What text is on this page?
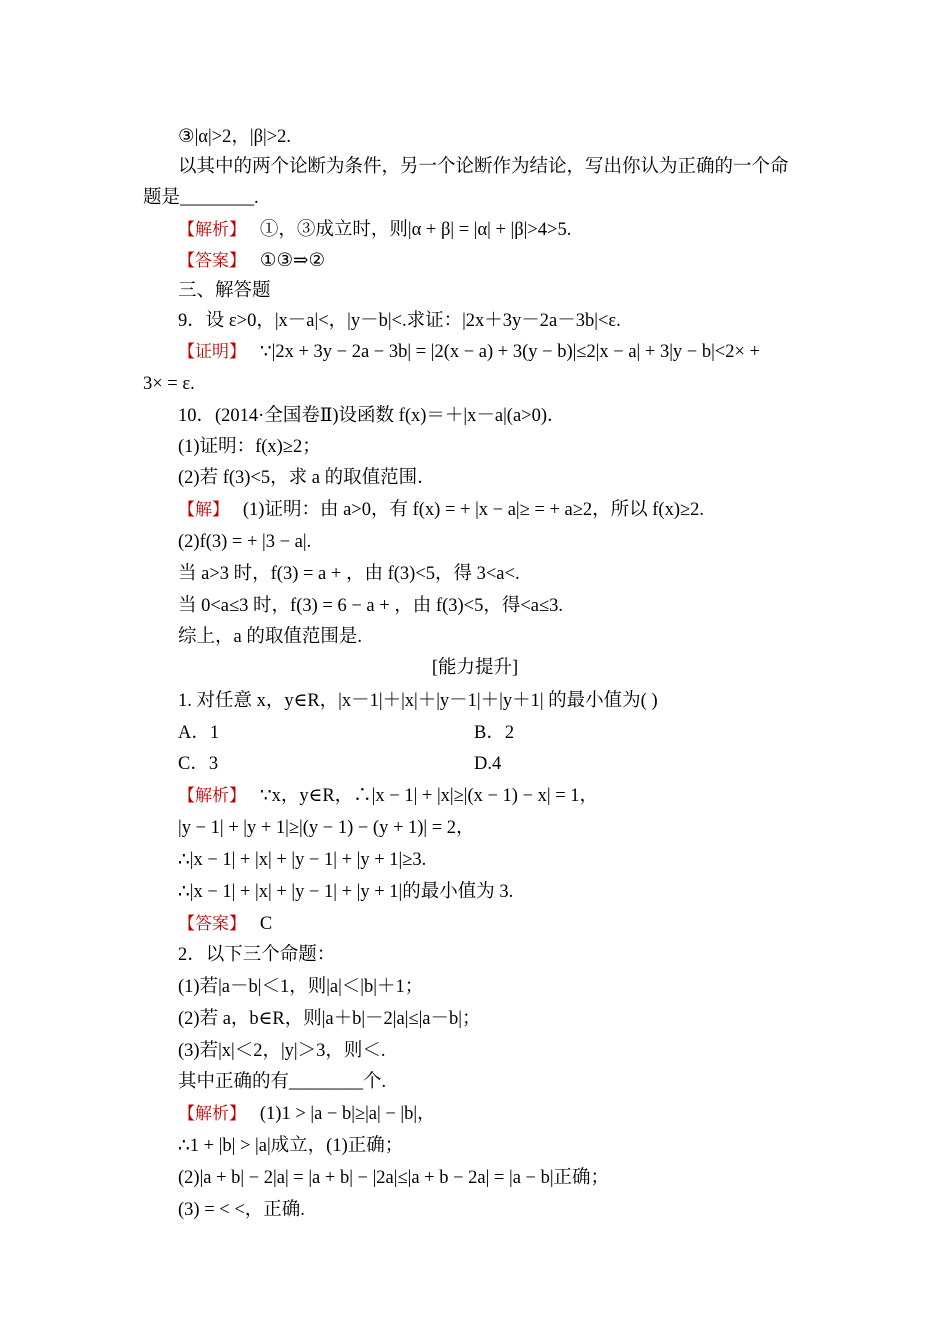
③|α|>2，|β|>2.
以其中的两个论断为条件，另一个论断作为结论，写出你认为正确的一个命
题是________.
【解析】 ①，③成立时，则|α + β| = |α| + |β|>4>5.
【答案】 ①③⇒②
三、解答题
9．设 ε>0，|x－a|<，|y－b|<.求证：|2x＋3y－2a－3b|<ε.
【证明】 ∵|2x + 3y − 2a − 3b| = |2(x − a) + 3(y − b)|≤2|x − a| + 3|y − b|<2× +
3× = ε.
10．(2014·全国卷Ⅱ)设函数 f(x)＝＋|x－a|(a>0)．
(1)证明：f(x)≥2；
(2)若 f(3)<5，求 a 的取值范围．
【解】 (1)证明：由 a>0，有 f(x) = + |x − a|≥ = + a≥2，所以 f(x)≥2.
(2)f(3) = + |3 − a|.
当 a>3 时，f(3) = a + ，由 f(3)<5，得 3<a<.
当 0<a≤3 时，f(3) = 6 − a + ，由 f(3)<5，得<a≤3.
综上，a 的取值范围是.
[能力提升]
1. 对任意 x，y∈R，|x－1|＋|x|＋|y－1|＋|y＋1| 的最小值为( )
A．1	B．2
C．3	D.4
【解析】 ∵x，y∈R，∴|x − 1| + |x|≥|(x − 1) − x| = 1，
|y − 1| + |y + 1|≥|(y − 1) − (y + 1)| = 2，
∴|x − 1| + |x| + |y − 1| + |y + 1|≥3.
∴|x − 1| + |x| + |y − 1| + |y + 1|的最小值为 3.
【答案】 C
2．以下三个命题：
(1)若|a－b|＜1，则|a|＜|b|＋1；
(2)若 a，b∈R，则|a＋b|－2|a|≤|a－b|；
(3)若|x|＜2，|y|＞3，则＜.
其中正确的有________个.
【解析】 (1)1 > |a − b|≥|a| − |b|，
∴1 + |b| > |a|成立，(1)正确；
(2)|a + b| − 2|a| = |a + b| − |2a|≤|a + b − 2a| = |a − b|正确；
(3) = < <，正确.
